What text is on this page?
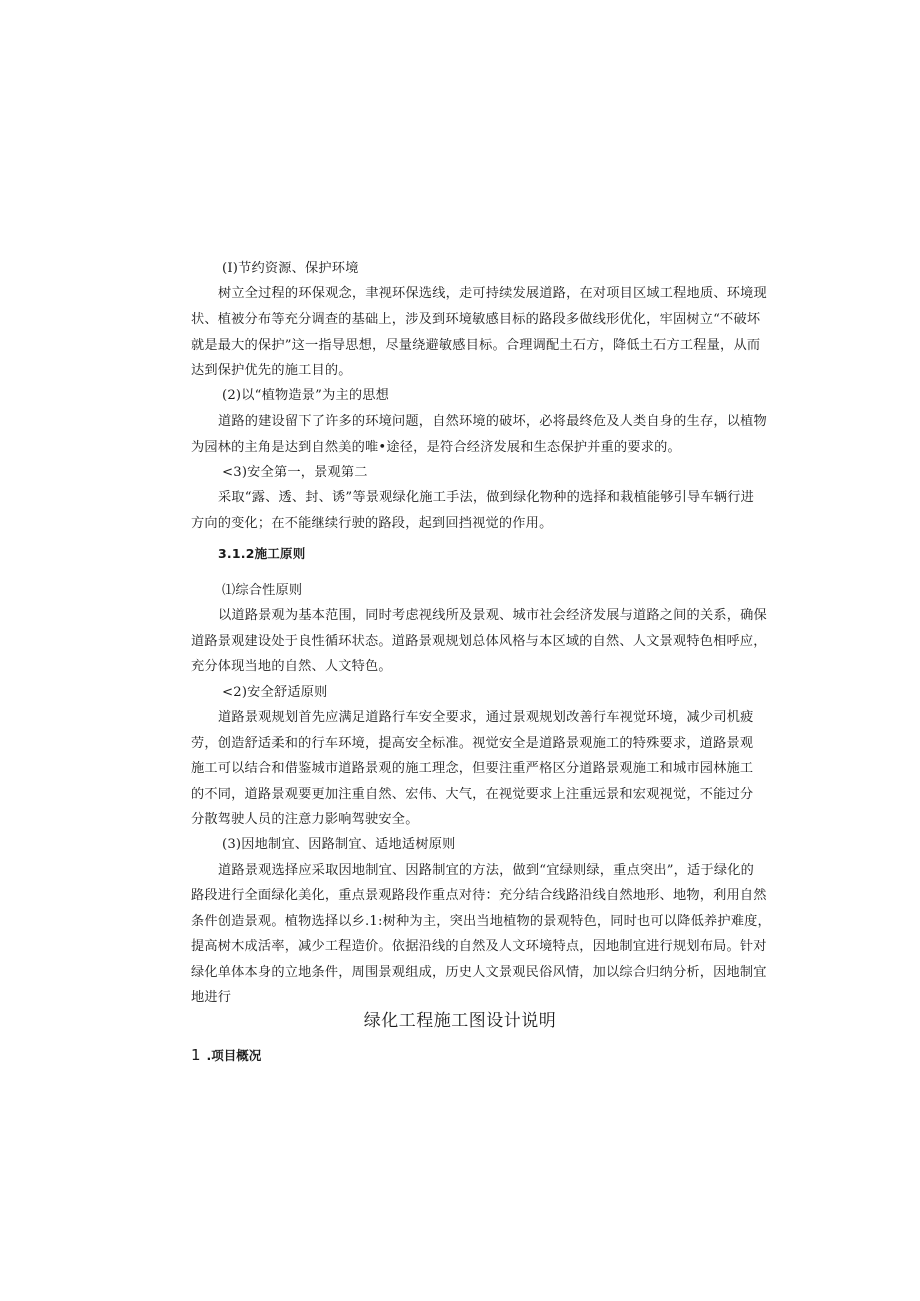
(I)节约资源、保护环境
树立全过程的环保观念，聿视环保选线，走可持续发展道路，在对项目区域工程地质、环境现
状、植被分布等充分调查的基础上，涉及到环境敏感目标的路段多做线形优化，牢固树立“不破坏
就是最大的保护”这一指导思想，尽量绕避敏感目标。合理调配土石方，降低土石方工程量，从而
达到保护优先的施工目的。
(2)以“植物造景”为主的思想
道路的建设留下了许多的环境问题，自然环境的破坏，必将最终危及人类自身的生存，以植物
为园林的主角是达到自然美的唯•途径，是符合经济发展和生态保护并重的要求的。
<3)安全第一，景观第二
采取“露、透、封、诱”等景观绿化施工手法，做到绿化物种的选择和栽植能够引导车辆行进
方向的变化；在不能继续行驶的路段，起到回挡视觉的作用。
3.1.2施工原则
⑴综合性原则
以道路景观为基本范围，同时考虑视线所及景观、城市社会经济发展与道路之间的关系，确保
道路景观建设处于良性循环状态。道路景观规划总体风格与本区域的自然、人文景观特色相呼应，
充分体现当地的自然、人文特色。
<2)安全舒适原则
道路景观规划首先应满足道路行车安全要求，通过景观规划改善行车视觉环境，减少司机疲
劳，创造舒适柔和的行车环境，提高安全标准。视觉安全是道路景观施工的特殊要求，道路景观
施工可以结合和借鉴城市道路景观的施工理念，但要注重严格区分道路景观施工和城市园林施工
的不同，道路景观要更加注重自然、宏伟、大气，在视觉要求上注重远景和宏观视觉，不能过分
分散驾驶人员的注意力影响驾驶安全。
(3)因地制宜、因路制宜、适地适树原则
道路景观选择应采取因地制宜、因路制宜的方法，做到“宜绿则绿，重点突出”，适于绿化的
路段进行全面绿化美化，重点景观路段作重点对待：充分结合线路沿线自然地形、地物，利用自然
条件创造景观。植物选择以乡.1:树种为主，突出当地植物的景观特色，同时也可以降低养护难度，
提高树木成活率，减少工程造价。依据沿线的自然及人文环境特点，因地制宜进行规划布局。针对
绿化单体本身的立地条件，周围景观组成，历史人文景观民俗风情，加以综合归纳分析，因地制宜
地进行
绿化工程施工图设计说明
1 .项目概况
